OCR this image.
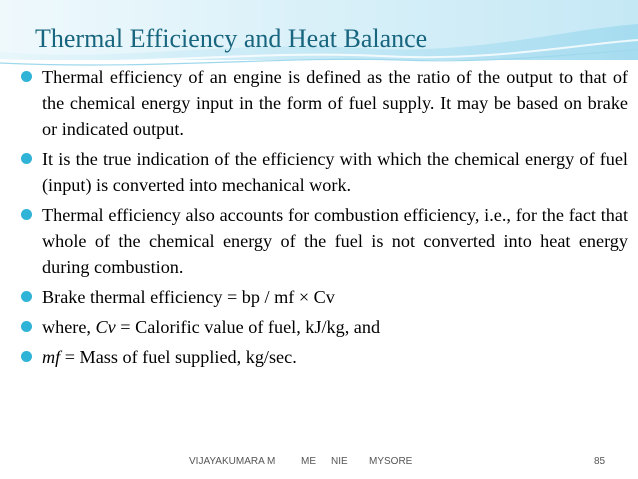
Thermal Efficiency and Heat Balance
Thermal efficiency of an engine is defined as the ratio of the output to that of the chemical energy input in the form of fuel supply. It may be based on brake or indicated output.
It is the true indication of the efficiency with which the chemical energy of fuel (input) is converted into mechanical work.
Thermal efficiency also accounts for combustion efficiency, i.e., for the fact that whole of the chemical energy of the fuel is not converted into heat energy during combustion.
Brake thermal efficiency = bp / mf × Cv
where, Cv = Calorific value of fuel, kJ/kg, and
mf = Mass of fuel supplied, kg/sec.
VIJAYAKUMARA M	ME NIE MYSORE	85
